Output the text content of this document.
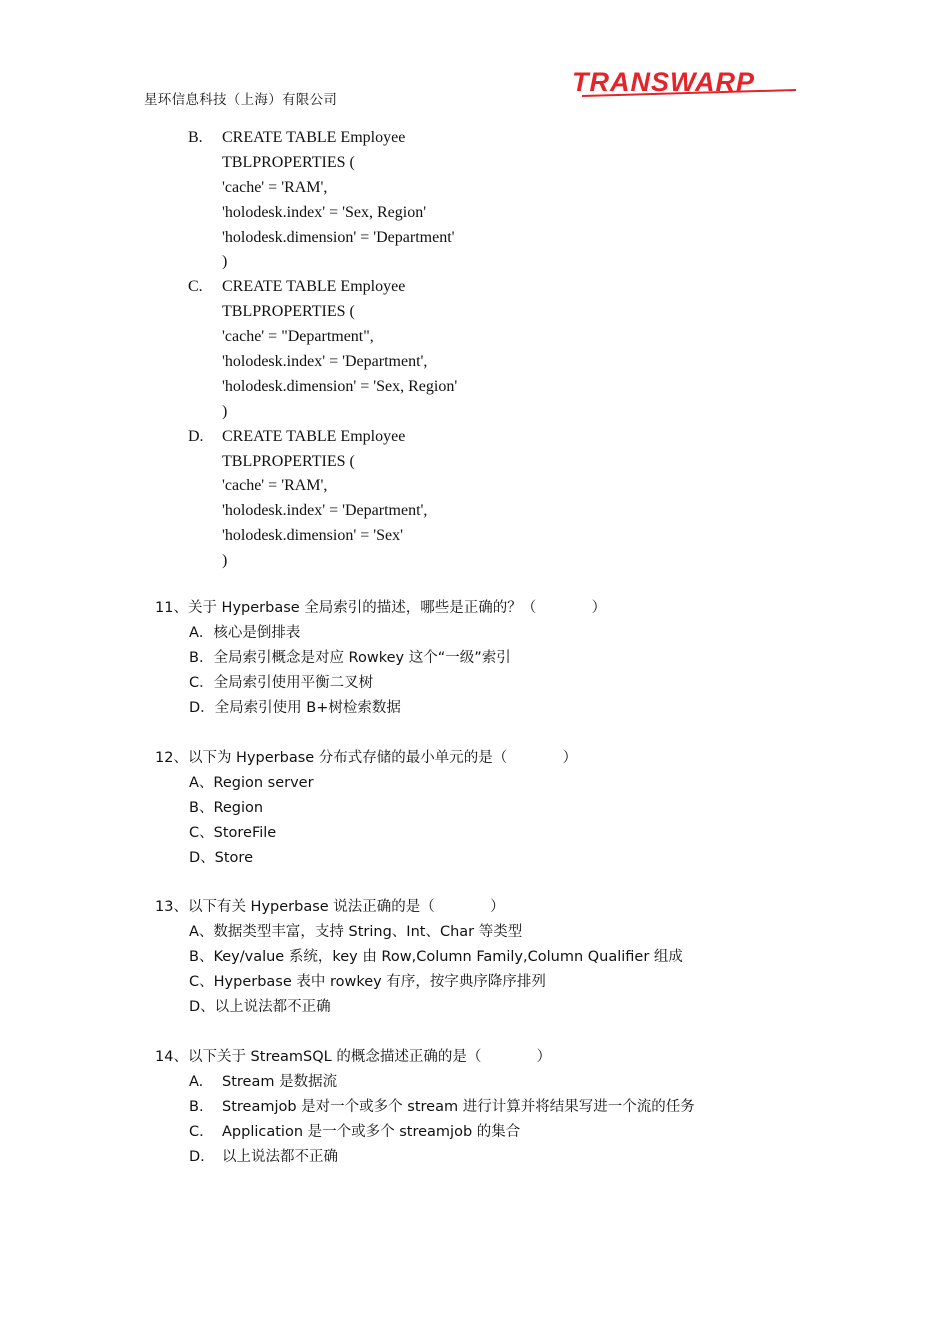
星环信息科技（上海）有限公司
TRANSWARP
B. CREATE TABLE Employee
TBLPROPERTIES (
'cache' = 'RAM',
'holodesk.index' = 'Sex, Region'
'holodesk.dimension' = 'Department'
)
C. CREATE TABLE Employee
TBLPROPERTIES (
'cache' = "Department",
'holodesk.index' = 'Department',
'holodesk.dimension' = 'Sex, Region'
)
D. CREATE TABLE Employee
TBLPROPERTIES (
'cache' = 'RAM',
'holodesk.index' = 'Department',
'holodesk.dimension' = 'Sex'
)
11、关于 Hyperbase 全局索引的描述，哪些是正确的？（            ）
A．核心是倒排表
B．全局索引概念是对应 Rowkey 这个“一级”索引
C．全局索引使用平衡二叉树
D．全局索引使用 B+树检索数据
12、以下为 Hyperbase 分布式存储的最小单元的是（            ）
A、Region server
B、Region
C、StoreFile
D、Store
13、以下有关 Hyperbase 说法正确的是（            ）
A、数据类型丰富，支持 String、Int、Char 等类型
B、Key/value 系统，key 由 Row,Column Family,Column Qualifier 组成
C、Hyperbase 表中 rowkey 有序，按字典序降序排列
D、以上说法都不正确
14、以下关于 StreamSQL 的概念描述正确的是（            ）
A. Stream 是数据流
B. Streamjob 是对一个或多个 stream 进行计算并将结果写进一个流的任务
C. Application 是一个或多个 streamjob 的集合
D. 以上说法都不正确
